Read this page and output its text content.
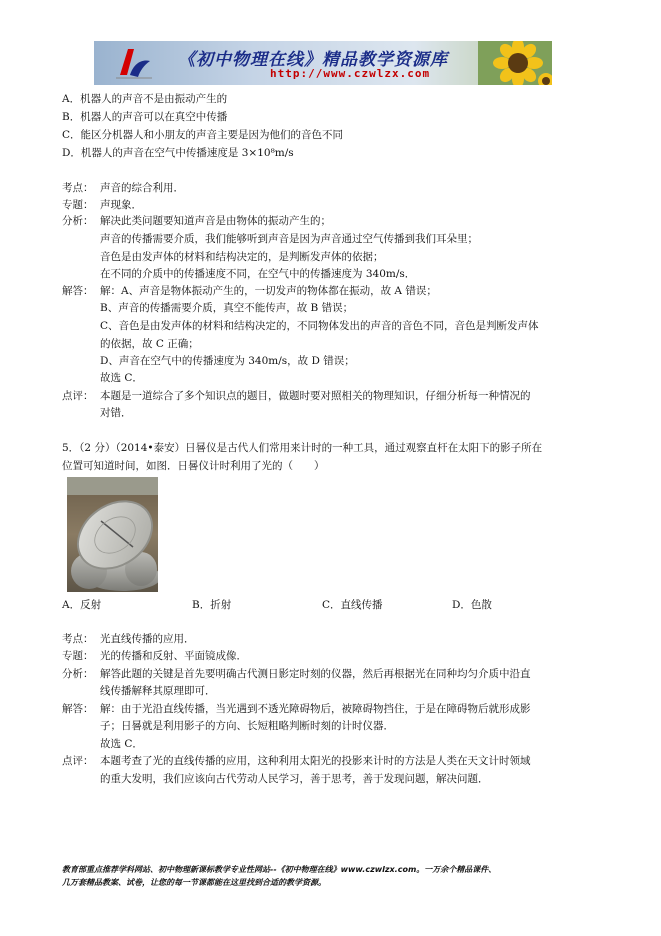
《初中物理在线》精品教学资源库
http://www.czwlzx.com
A．机器人的声音不是由振动产生的
B．机器人的声音可以在真空中传播
C．能区分机器人和小朋友的声音主要是因为他们的音色不同
D．机器人的声音在空气中传播速度是 3×10⁸m/s
考点： 声音的综合利用．
专题： 声现象．
分析： 解决此类问题要知道声音是由物体的振动产生的；
声音的传播需要介质，我们能够听到声音是因为声音通过空气传播到我们耳朵里；
音色是由发声体的材料和结构决定的，是判断发声体的依据；
在不同的介质中的传播速度不同，在空气中的传播速度为 340m/s．
解答： 解：A、声音是物体振动产生的，一切发声的物体都在振动，故 A 错误；
B、声音的传播需要介质，真空不能传声，故 B 错误；
C、音色是由发声体的材料和结构决定的，不同物体发出的声音的音色不同，音色是判断发声体
的依据，故 C 正确；
D、声音在空气中的传播速度为 340m/s，故 D 错误；
故选 C．
点评： 本题是一道综合了多个知识点的题目，做题时要对照相关的物理知识，仔细分析每一种情况的
对错．
5．（2 分）（2014•泰安）日晷仪是古代人们常用来计时的一种工具，通过观察直杆在太阳下的影子所在
位置可知道时间，如图．日晷仪计时利用了光的（　　）
A．反射	B．折射	C．直线传播	D．色散
考点： 光直线传播的应用．
专题： 光的传播和反射、平面镜成像．
分析： 解答此题的关键是首先要明确古代测日影定时刻的仪器，然后再根据光在同种均匀介质中沿直
线传播解释其原理即可．
解答： 解：由于光沿直线传播，当光遇到不透光障碍物后，被障碍物挡住，于是在障碍物后就形成影
子；日晷就是利用影子的方向、长短粗略判断时刻的计时仪器．
故选 C．
点评： 本题考查了光的直线传播的应用，这种利用太阳光的投影来计时的方法是人类在天文计时领域
的重大发明，我们应该向古代劳动人民学习，善于思考，善于发现问题，解决问题．
教育部重点推荐学科网站、初中物理新课标教学专业性网站--《初中物理在线》www.czwlzx.com。一万余个精品课件、
几万套精品教案、试卷，让您的每一节课都能在这里找到合适的教学资源。
